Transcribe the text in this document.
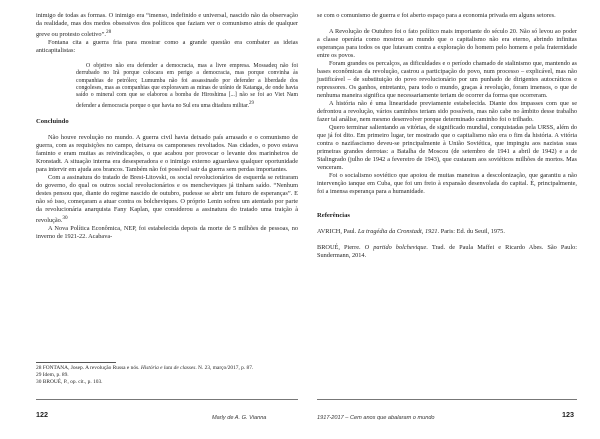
inimigo de todas as formas. O inimigo era “imenso, indefinido e universal, nascido não da observação da realidade, mas dos medos obsessivos dos políticos que faziam ver o comunismo atrás de qualquer greve ou protesto coletivo”.$^{28}$

Fontana cita a guerra fria para mostrar como a grande questão era combater as ideias anticapitalistas:

O objetivo não era defender a democracia, mas a livre empresa. Mossadeq não foi derrubado no Irã porque colocara em perigo a democracia, mas porque convinha às companhias de petróleo; Lumumba não foi assassinado por defender a liberdade dos congoleses, mas as companhias que exploravam as minas de urânio de Katanga, de onde havia saído o mineral com que se elaborou a bomba de Hiroshima [...] não se foi ao Viet Nam defender a democracia porque o que havia no Sul era uma ditadura militar.$^{29}$

Concluindo

Não houve revolução no mundo. A guerra civil havia deixado país arrasado e o comunismo de guerra, com as requisições no campo, deixava os camponeses revoltados. Nas cidades, o povo estava faminto e eram muitas as reivindicações, o que acabou por provocar o levante dos marinheiros de Kronstadt. A situação interna era desesperadora e o inimigo externo aguardava qualquer oportunidade para intervir em ajuda aos brancos. Também não foi possível sair da guerra sem perdas importantes.

Com a assinatura do tratado de Brest-Litovski, os social revolucionários de esquerda se retiraram do governo, do qual os outros social revolucionários e os mencheviques já tinham saído. “Nenhum destes pensou que, diante do regime nascido de outubro, pudesse se abrir um futuro de esperanças”. E não só isso, começaram a atuar contra os bolcheviques. O próprio Lenin sofreu um atentado por parte da revolucionária anarquista Fany Kaplan, que considerou a assinatura do tratado uma traição à revolução.$^{30}$

A Nova Política Econômica, NEP, foi estabelecida depois da morte de 5 milhões de pessoas, no inverno de 1921-22. Acabava-

28 FONTANA, Josep. A revolução Russa e nós. História e luta de classes. N. 23, março/2017, p. 87.

29 Idem, p. 89.

30 BROUÉ, P., op. cit., p. 103.

122	Marly de A. G. Vianna

se com o comunismo de guerra e foi aberto espaço para a economia privada em alguns setores.

A Revolução de Outubro foi o fato político mais importante do século 20. Não só levou ao poder a classe operária como mostrou ao mundo que o capitalismo não era eterno, abrindo infinitas esperanças para todos os que lutavam contra a exploração do homem pelo homem e pela fraternidade entre os povos.

Foram grandes os percalços, as dificuldades e o período chamado de stalinismo que, mantendo as bases econômicas da revolução, castrou a participação do povo, num processo – explicável, mas não justificável – de substituição do povo revolucionário por um punhado de dirigentes autocráticos e repressores. Os ganhos, entretanto, para todo o mundo, graças à revolução, foram imensos, o que de nenhuma maneira significa que necessariamente teriam de ocorrer da forma que ocorreram.

A história não é uma linearidade previamente estabelecida. Diante dos impasses com que se defrontou a revolução, vários caminhos teriam sido possíveis, mas não cabe no âmbito desse trabalho fazer tal análise, nem mesmo desenvolver porque determinado caminho foi o trilhado.

Quero terminar salientando as vitórias, de significado mundial, conquistadas pela URSS, além do que já foi dito. Em primeiro lugar, ter mostrado que o capitalismo não era o fim da história. A vitória contra o nazifascismo deveu-se principalmente à União Soviética, que impingiu aos nazistas suas primeiras grandes derrotas: a Batalha de Moscou (de setembro de 1941 a abril de 1942) e a de Stalingrado (julho de 1942 a fevereiro de 1943), que custaram aos soviéticos milhões de mortos. Mas venceram.

Foi o socialismo soviético que apoiou de muitas maneiras a descolonização, que garantiu a não intervenção ianque em Cuba, que foi um freio à expansão desenvolada do capital. É, principalmente, foi a imensa esperança para a humanidade.

Referências

AVRICH, Paul. La tragédia da Cronstadt, 1921. Paris: Ed. du Seuil, 1975.

BROUÉ, Pierre. O partido bolchevique. Trad. de Paula Maffei e Ricardo Abes. São Paulo: Sundermann, 2014.

1917-2017 – Cem anos que abalaram o mundo	123
